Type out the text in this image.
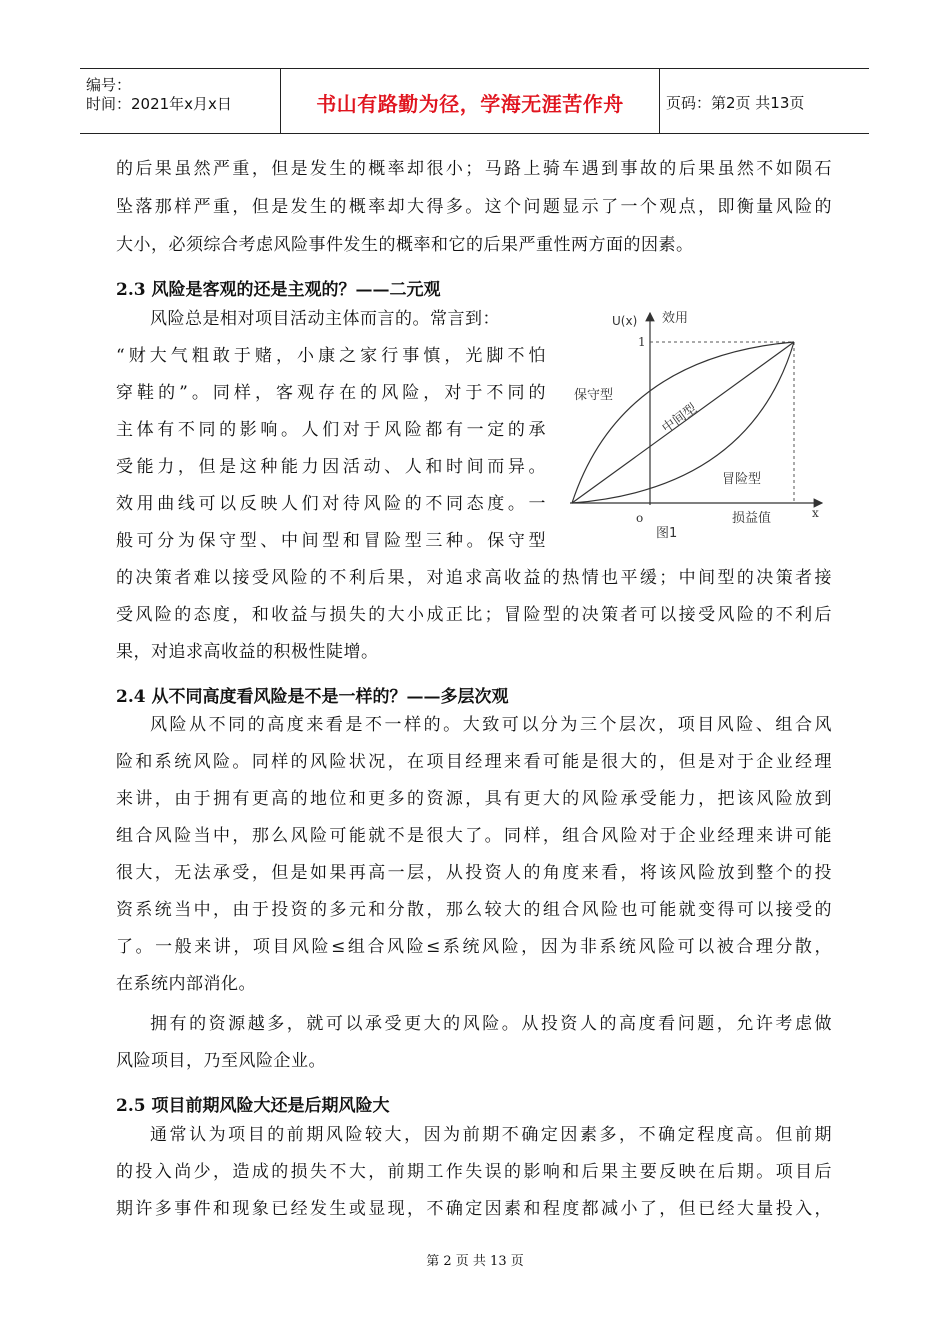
编号：
时间：2021年x月x日	书山有路勤为径，学海无涯苦作舟	页码：第2页 共13页
的后果虽然严重，但是发生的概率却很小；马路上骑车遇到事故的后果虽然不如陨石
坠落那样严重，但是发生的概率却大得多。这个问题显示了一个观点，即衡量风险的
大小，必须综合考虑风险事件发生的概率和它的后果严重性两方面的因素。
2.3 风险是客观的还是主观的？——二元观
风险总是相对项目活动主体而言的。常言到：
“财大气粗敢于赌，小康之家行事慎，光脚不怕
穿鞋的”。同样，客观存在的风险，对于不同的
主体有不同的影响。人们对于风险都有一定的承
受能力，但是这种能力因活动、人和时间而异。
效用曲线可以反映人们对待风险的不同态度。一
般可分为保守型、中间型和冒险型三种。保守型
U(x) 效用
1
o	x
损益值
图1
保守型
中间型
冒险型
的决策者难以接受风险的不利后果，对追求高收益的热情也平缓；中间型的决策者接
受风险的态度，和收益与损失的大小成正比；冒险型的决策者可以接受风险的不利后
果，对追求高收益的积极性陡增。
2.4 从不同高度看风险是不是一样的？——多层次观
风险从不同的高度来看是不一样的。大致可以分为三个层次，项目风险、组合风
险和系统风险。同样的风险状况，在项目经理来看可能是很大的，但是对于企业经理
来讲，由于拥有更高的地位和更多的资源，具有更大的风险承受能力，把该风险放到
组合风险当中，那么风险可能就不是很大了。同样，组合风险对于企业经理来讲可能
很大，无法承受，但是如果再高一层，从投资人的角度来看，将该风险放到整个的投
资系统当中，由于投资的多元和分散，那么较大的组合风险也可能就变得可以接受的
了。一般来讲，项目风险≤组合风险≤系统风险，因为非系统风险可以被合理分散，
在系统内部消化。
拥有的资源越多，就可以承受更大的风险。从投资人的高度看问题，允许考虑做
风险项目，乃至风险企业。
2.5 项目前期风险大还是后期风险大
通常认为项目的前期风险较大，因为前期不确定因素多，不确定程度高。但前期
的投入尚少，造成的损失不大，前期工作失误的影响和后果主要反映在后期。项目后
期许多事件和现象已经发生或显现，不确定因素和程度都减小了，但已经大量投入，
第 2 页 共 13 页
